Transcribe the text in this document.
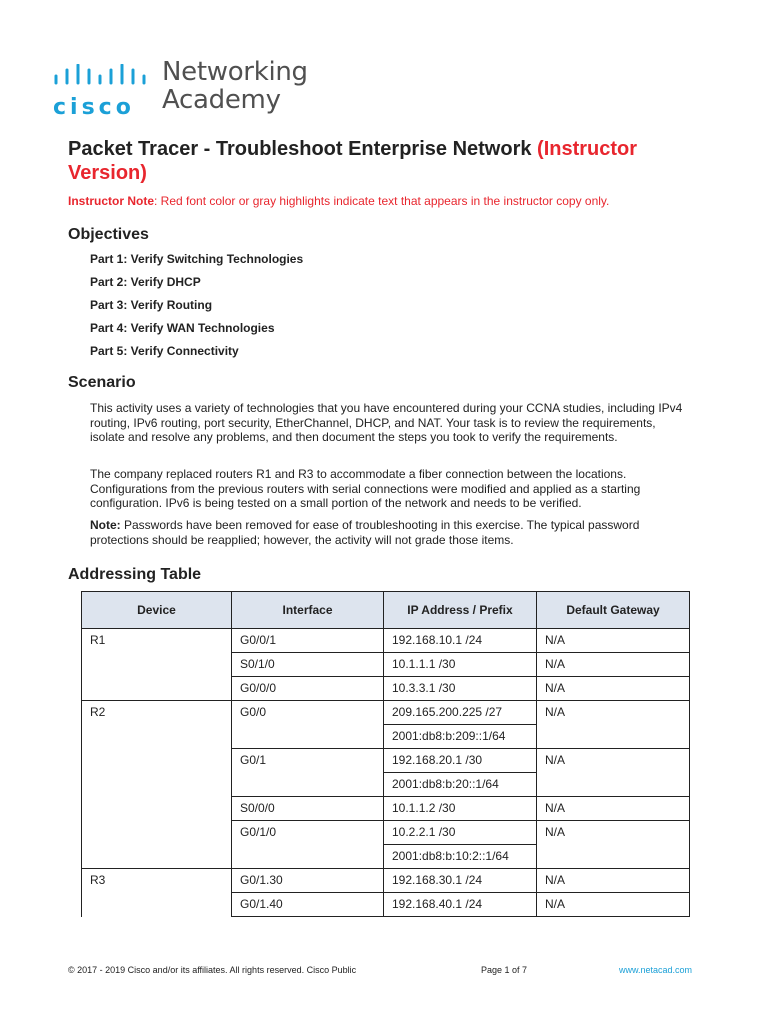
cisco
Networking
Academy
Packet Tracer - Troubleshoot Enterprise Network (Instructor Version)
Instructor Note: Red font color or gray highlights indicate text that appears in the instructor copy only.
Objectives
Part 1: Verify Switching Technologies
Part 2: Verify DHCP
Part 3: Verify Routing
Part 4: Verify WAN Technologies
Part 5: Verify Connectivity
Scenario

This activity uses a variety of technologies that you have encountered during your CCNA studies, including IPv4 routing, IPv6 routing, port security, EtherChannel, DHCP, and NAT. Your task is to review the requirements, isolate and resolve any problems, and then document the steps you took to verify the requirements.

The company replaced routers R1 and R3 to accommodate a fiber connection between the locations. Configurations from the previous routers with serial connections were modified and applied as a starting configuration. IPv6 is being tested on a small portion of the network and needs to be verified.

Note: Passwords have been removed for ease of troubleshooting in this exercise. The typical password protections should be reapplied; however, the activity will not grade those items.

Addressing Table
Device	Interface	IP Address / Prefix	Default Gateway
R1	G0/0/1	192.168.10.1 /24	N/A
	S0/1/0	10.1.1.1 /30	N/A
	G0/0/0	10.3.3.1 /30	N/A
R2	G0/0	209.165.200.225 /27	N/A
		2001:db8:b:209::1/64	
	G0/1	192.168.20.1 /30	N/A
		2001:db8:b:20::1/64	
	S0/0/0	10.1.1.2 /30	N/A
	G0/1/0	10.2.2.1 /30	N/A
		2001:db8:b:10:2::1/64	
R3	G0/1.30	192.168.30.1 /24	N/A
	G0/1.40	192.168.40.1 /24	N/A
© 2017 - 2019 Cisco and/or its affiliates. All rights reserved. Cisco Public	Page 1 of 7	www.netacad.com
